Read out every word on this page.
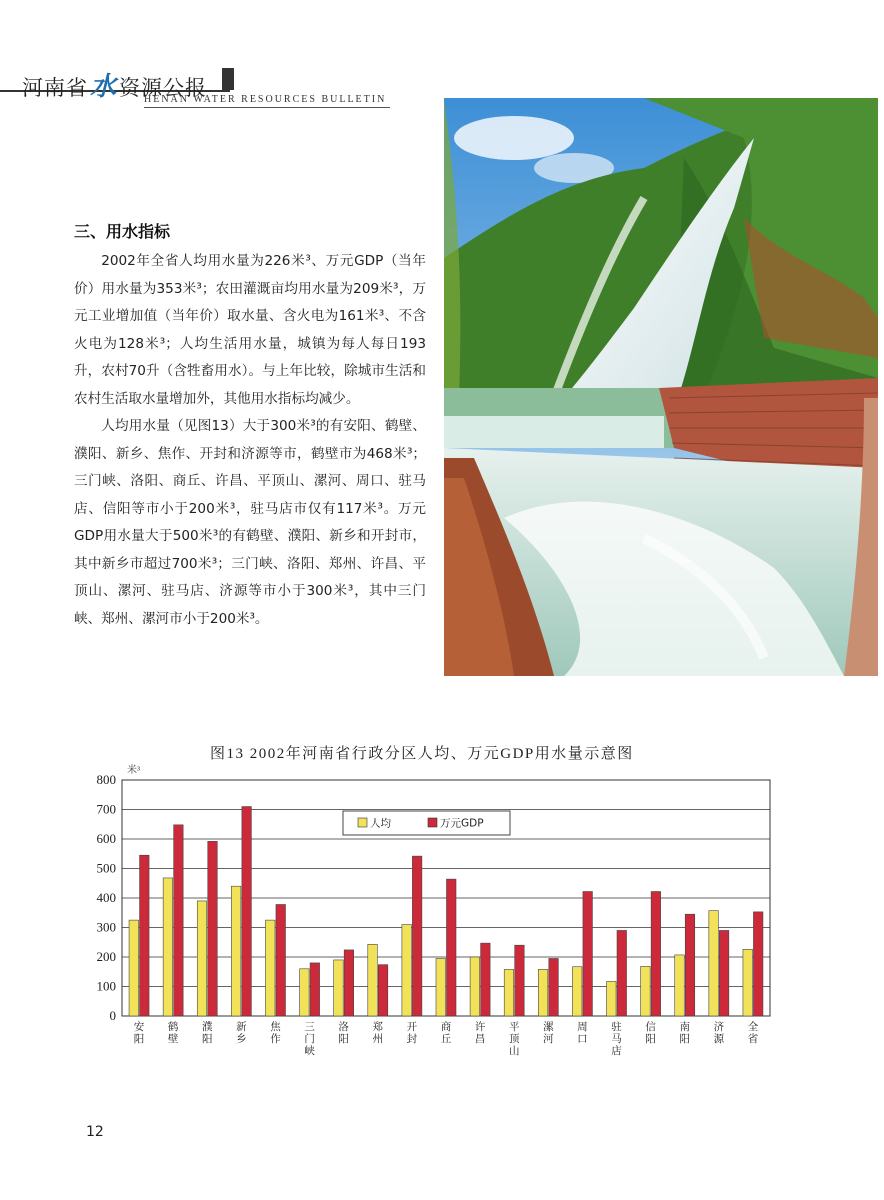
河南省水资源公报
HENAN WATER RESOURCES BULLETIN
三、用水指标

2002年全省人均用水量为226米³、万元GDP（当年价）用水量为353米³；农田灌溉亩均用水量为209米³，万元工业增加值（当年价）取水量、含火电为161米³、不含火电为128米³；人均生活用水量，城镇为每人每日193升，农村70升（含牲畜用水）。与上年比较，除城市生活和农村生活取水量增加外，其他用水指标均减少。

人均用水量（见图13）大于300米³的有安阳、鹤壁、濮阳、新乡、焦作、开封和济源等市，鹤壁市为468米³；三门峡、洛阳、商丘、许昌、平顶山、漯河、周口、驻马店、信阳等市小于200米³，驻马店市仅有117米³。万元GDP用水量大于500米³的有鹤壁、濮阳、新乡和开封市，其中新乡市超过700米³；三门峡、洛阳、郑州、许昌、平顶山、漯河、驻马店、济源等市小于300米³，其中三门峡、郑州、漯河市小于200米³。

图13 2002年河南省行政分区人均、万元GDP用水量示意图
0
100
200
300
400
500
600
700
800
安阳
鹤壁
濮阳
新乡
焦作
三门峡
洛阳
郑州
开封
商丘
许昌
平顶山
漯河
周口
驻马店
信阳
南阳
济源
全省
米³
人均	万元GDP
12
